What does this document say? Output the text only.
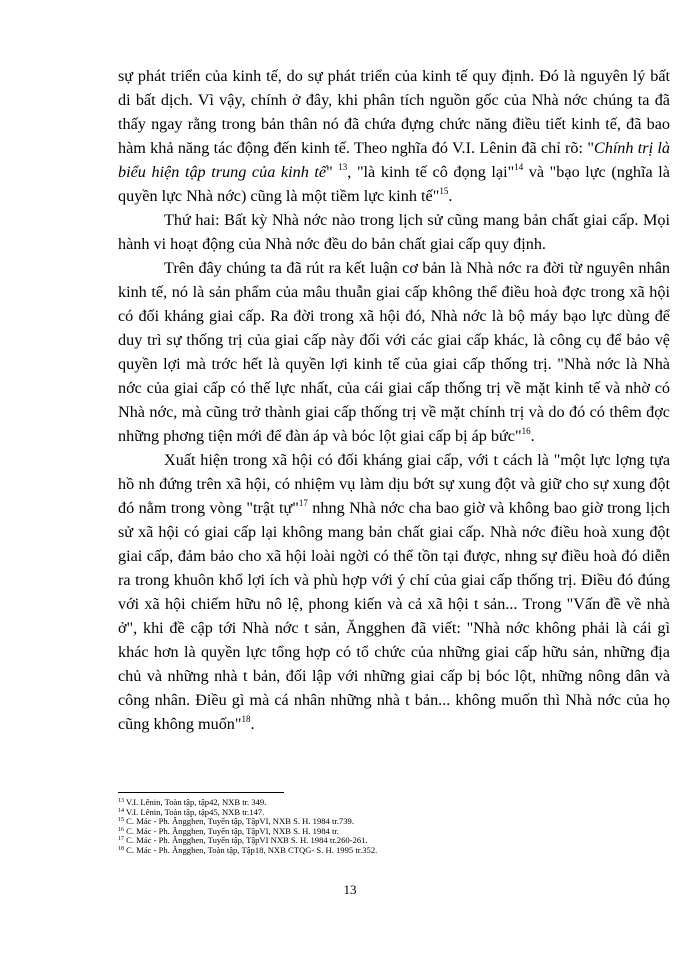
sự phát triển của kinh tế, do sự phát triển của kinh tế quy định. Đó là nguyên lý bất di bất dịch. Vì vậy, chính ở đây, khi phân tích nguồn gốc của Nhà nớc chúng ta đã thấy ngay rằng trong bản thân nó đã chứa đựng chức năng điều tiết kinh tế, đã bao hàm khả năng tác động đến kinh tế. Theo nghĩa đó V.I. Lênin đã chỉ rõ: "Chính trị là biểu hiện tập trung của kinh tế" $^{13}$, "là kinh tế cô đọng lại"$^{14}$ và "bạo lực (nghĩa là quyền lực Nhà nớc) cũng là một tiềm lực kinh tế"$^{15}$.

Thứ hai: Bất kỳ Nhà nớc nào trong lịch sử cũng mang bản chất giai cấp. Mọi hành vi hoạt động của Nhà nớc đều do bản chất giai cấp quy định.

Trên đây chúng ta đã rút ra kết luận cơ bản là Nhà nớc ra đời từ nguyên nhân kinh tế, nó là sản phẩm của mâu thuẫn giai cấp không thể điều hoà đợc trong xã hội có đối kháng giai cấp. Ra đời trong xã hội đó, Nhà nớc là bộ máy bạo lực dùng để duy trì sự thống trị của giai cấp này đối với các giai cấp khác, là công cụ để bảo vệ quyền lợi mà trớc hết là quyền lợi kinh tế của giai cấp thống trị. "Nhà nớc là Nhà nớc của giai cấp có thế lực nhất, của cái giai cấp thống trị về mặt kinh tế và nhờ có Nhà nớc, mà cũng trở thành giai cấp thống trị về mặt chính trị và do đó có thêm đợc những phơng tiện mới để đàn áp và bóc lột giai cấp bị áp bức"$^{16}$.

Xuất hiện trong xã hội có đối kháng giai cấp, với t cách là "một lực lợng tựa hồ nh đứng trên xã hội, có nhiệm vụ làm dịu bớt sự xung đột và giữ cho sự xung đột đó nằm trong vòng "trật tự"$^{17}$ nhng Nhà nớc cha bao giờ và không bao giờ trong lịch sử xã hội có giai cấp lại không mang bản chất giai cấp. Nhà nớc điều hoà xung đột giai cấp, đảm bảo cho xã hội loài ngời có thể tồn tại được, nhng sự điều hoà đó diễn ra trong khuôn khổ lợi ích và phù hợp với ý chí của giai cấp thống trị. Điều đó đúng với xã hội chiếm hữu nô lệ, phong kiến và cả xã hội t sản... Trong "Vấn đề về nhà ở", khi đề cập tới Nhà nớc t sản, Ăngghen đã viết: "Nhà nớc không phải là cái gì khác hơn là quyền lực tổng hợp có tổ chức của những giai cấp hữu sản, những địa chủ và những nhà t bản, đối lập với những giai cấp bị bóc lột, những nông dân và công nhân. Điều gì mà cá nhân những nhà t bản... không muốn thì Nhà nớc của họ cũng không muốn"$^{18}$.

$^{13}$ V.I. Lênin, Toàn tập, tập42, NXB tr. 349.
$^{14}$ V.I. Lênin, Toàn tập, tập45, NXB tr.147.
$^{15}$ C. Mác - Ph. Ăngghen, Tuyển tập, TậpVI, NXB S. H. 1984 tr.739.
$^{16}$ C. Mác - Ph. Ăngghen, Tuyển tập, TậpVI, NXB S. H. 1984 tr.
$^{17}$ C. Mác - Ph. Ăngghen, Tuyển tập, TậpVI NXB S. H. 1984 tr.260-261.
$^{18}$ C. Mác - Ph. Ăngghen, Toàn tập, Tập18, NXB CTQG- S. H. 1995 tr.352.
13
